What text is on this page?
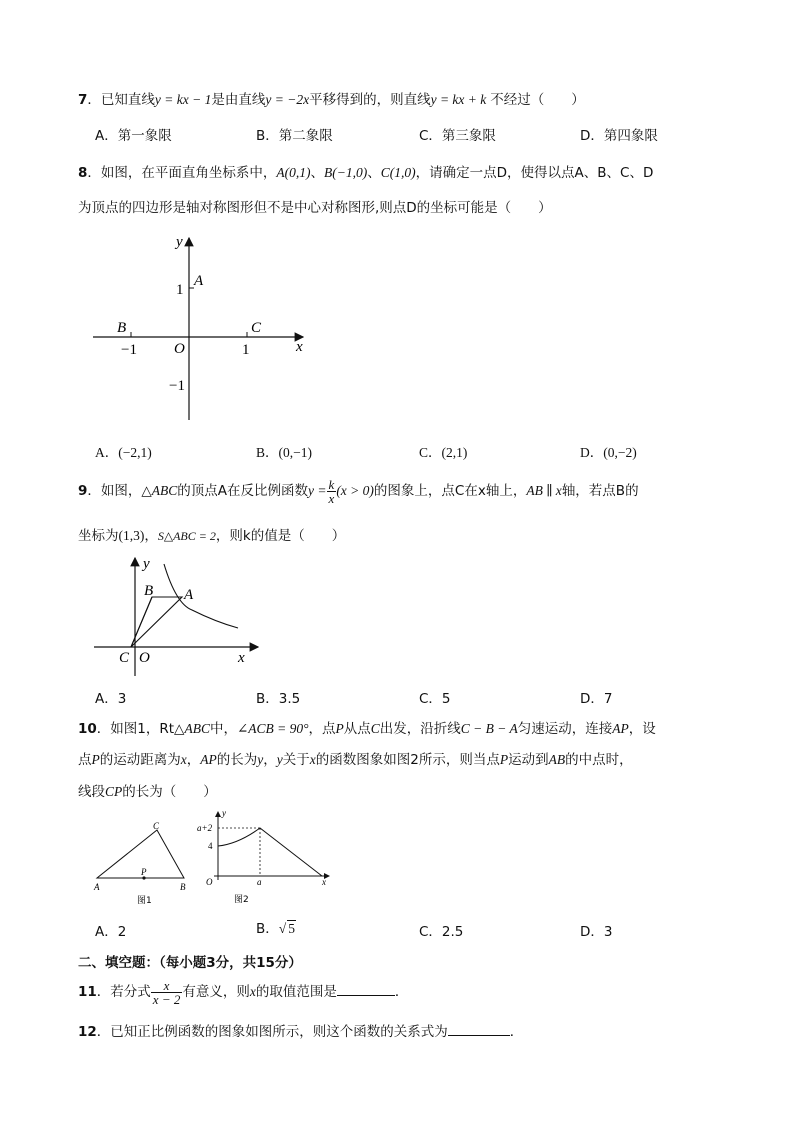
7．已知直线y = kx − 1是由直线y = −2x平移得到的，则直线y = kx + k 不经过（　　）
A．第一象限	B．第二象限	C．第三象限	D．第四象限
8．如图，在平面直角坐标系中，A(0,1)、B(−1,0)、C(1,0)，请确定一点D，使得以点A、B、C、D
为顶点的四边形是轴对称图形但不是中心对称图形,则点D的坐标可能是（　　）
y
x
O
A
B	C
1
−1	1
−1
A．(−2,1)	B．(0,−1)	C．(2,1)	D．(0,−2)
9．如图，△ABC的顶点A在反比例函数$y = \frac{k}{x} (x > 0)$的图象上，点C在x轴上，AB ∥ x轴，若点B的
坐标为(1,3)，S△ABC = 2，则k的值是（　　）
y
x
B A
C O
A．3	B．3.5	C．5	D．7
10．如图1，Rt△ABC中，∠ACB = 90°，点P从点C出发，沿折线C − B − A匀速运动，连接AP，设
点P的运动距离为x，AP的长为y，y关于x的函数图象如图2所示，则当点P运动到AB的中点时，
线段CP的长为（　　）
C
P
A	B
图1
y
a+2
4
O	a	x
图2
A．2	B．√ 5	C．2.5	D．3
二、填空题：（每小题3分，共15分）
11．若分式 $\frac{x}{x - 2}$ 有意义，则x的取值范围是	．
12．已知正比例函数的图象如图所示，则这个函数的关系式为	．
